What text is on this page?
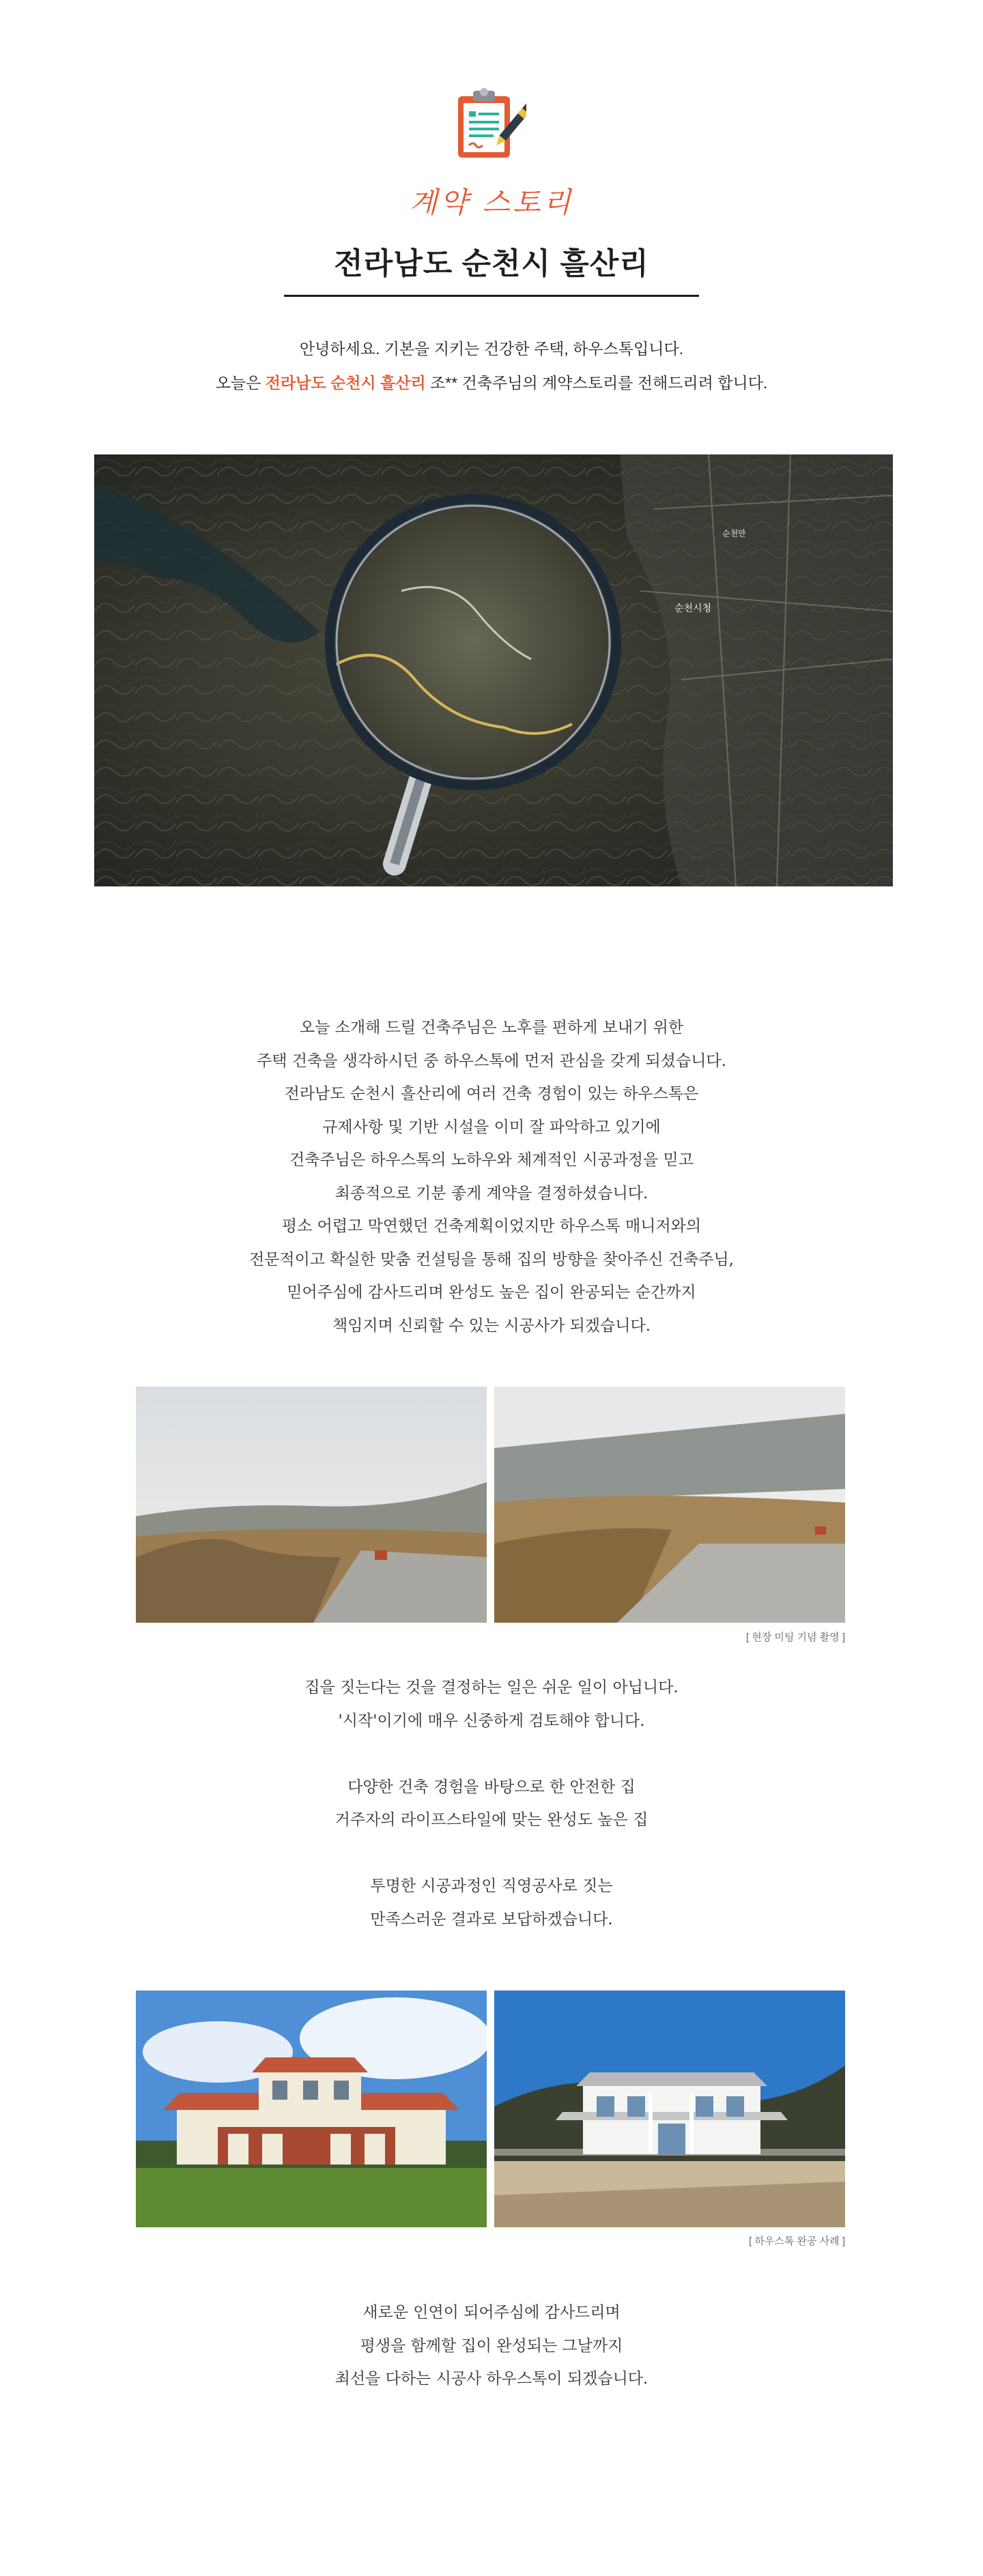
계약 스토리
전라남도 순천시 흘산리
안녕하세요. 기본을 지키는 건강한 주택, 하우스톡입니다.
오늘은 전라남도 순천시 흘산리 조** 건축주님의 계약스토리를 전해드리려 합니다.
순천시청
순천만
오늘 소개해 드릴 건축주님은 노후를 편하게 보내기 위한
주택 건축을 생각하시던 중 하우스톡에 먼저 관심을 갖게 되셨습니다.
전라남도 순천시 흘산리에 여러 건축 경험이 있는 하우스톡은
규제사항 및 기반 시설을 이미 잘 파악하고 있기에
건축주님은 하우스톡의 노하우와 체계적인 시공과정을 믿고
최종적으로 기분 좋게 계약을 결정하셨습니다.
평소 어렵고 막연했던 건축계획이었지만 하우스톡 매니저와의
전문적이고 확실한 맞춤 컨설팅을 통해 집의 방향을 찾아주신 건축주님,
믿어주심에 감사드리며 완성도 높은 집이 완공되는 순간까지
책임지며 신뢰할 수 있는 시공사가 되겠습니다.
[ 현장 미팅 기념 촬영 ]
집을 짓는다는 것을 결정하는 일은 쉬운 일이 아닙니다.
'시작'이기에 매우 신중하게 검토해야 합니다.
다양한 건축 경험을 바탕으로 한 안전한 집
거주자의 라이프스타일에 맞는 완성도 높은 집
투명한 시공과정인 직영공사로 짓는
만족스러운 결과로 보답하겠습니다.
[ 하우스톡 완공 사례 ]
새로운 인연이 되어주심에 감사드리며
평생을 함께할 집이 완성되는 그날까지
최선을 다하는 시공사 하우스톡이 되겠습니다.
